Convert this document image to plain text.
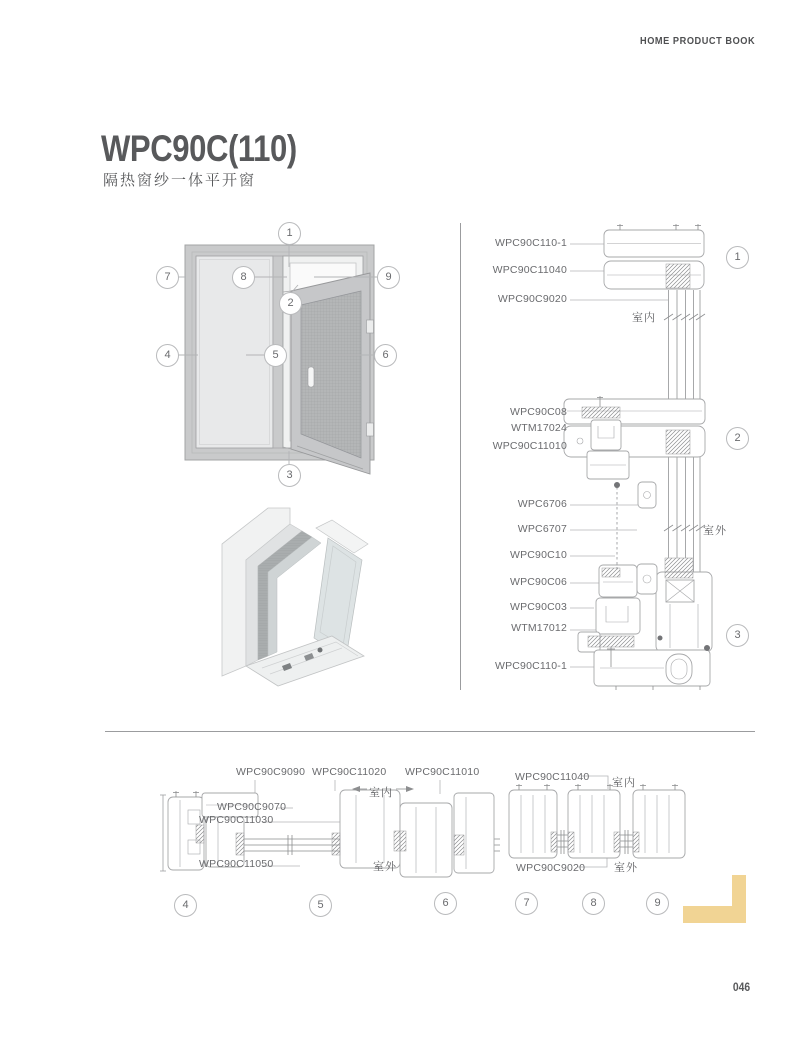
HOME PRODUCT BOOK
WPC90C(110)
隔热窗纱一体平开窗
1
2
3
4	5	6
7	8	9
WPC90C110-1
WPC90C11040
WPC90C9020
WPC90C08
WTM17024
WPC90C11010
WPC6706
WPC6707
WPC90C10
WPC90C06
WPC90C03
WTM17012
WPC90C110-1
室内
室外
1
2
3
WPC90C9090 WPC90C11020 WPC90C11010
WPC90C9070
WPC90C11030
WPC90C11050
室内
室外
WPC90C11040
WPC90C9020
室内
室外
4	5	6	7	8	9
046
